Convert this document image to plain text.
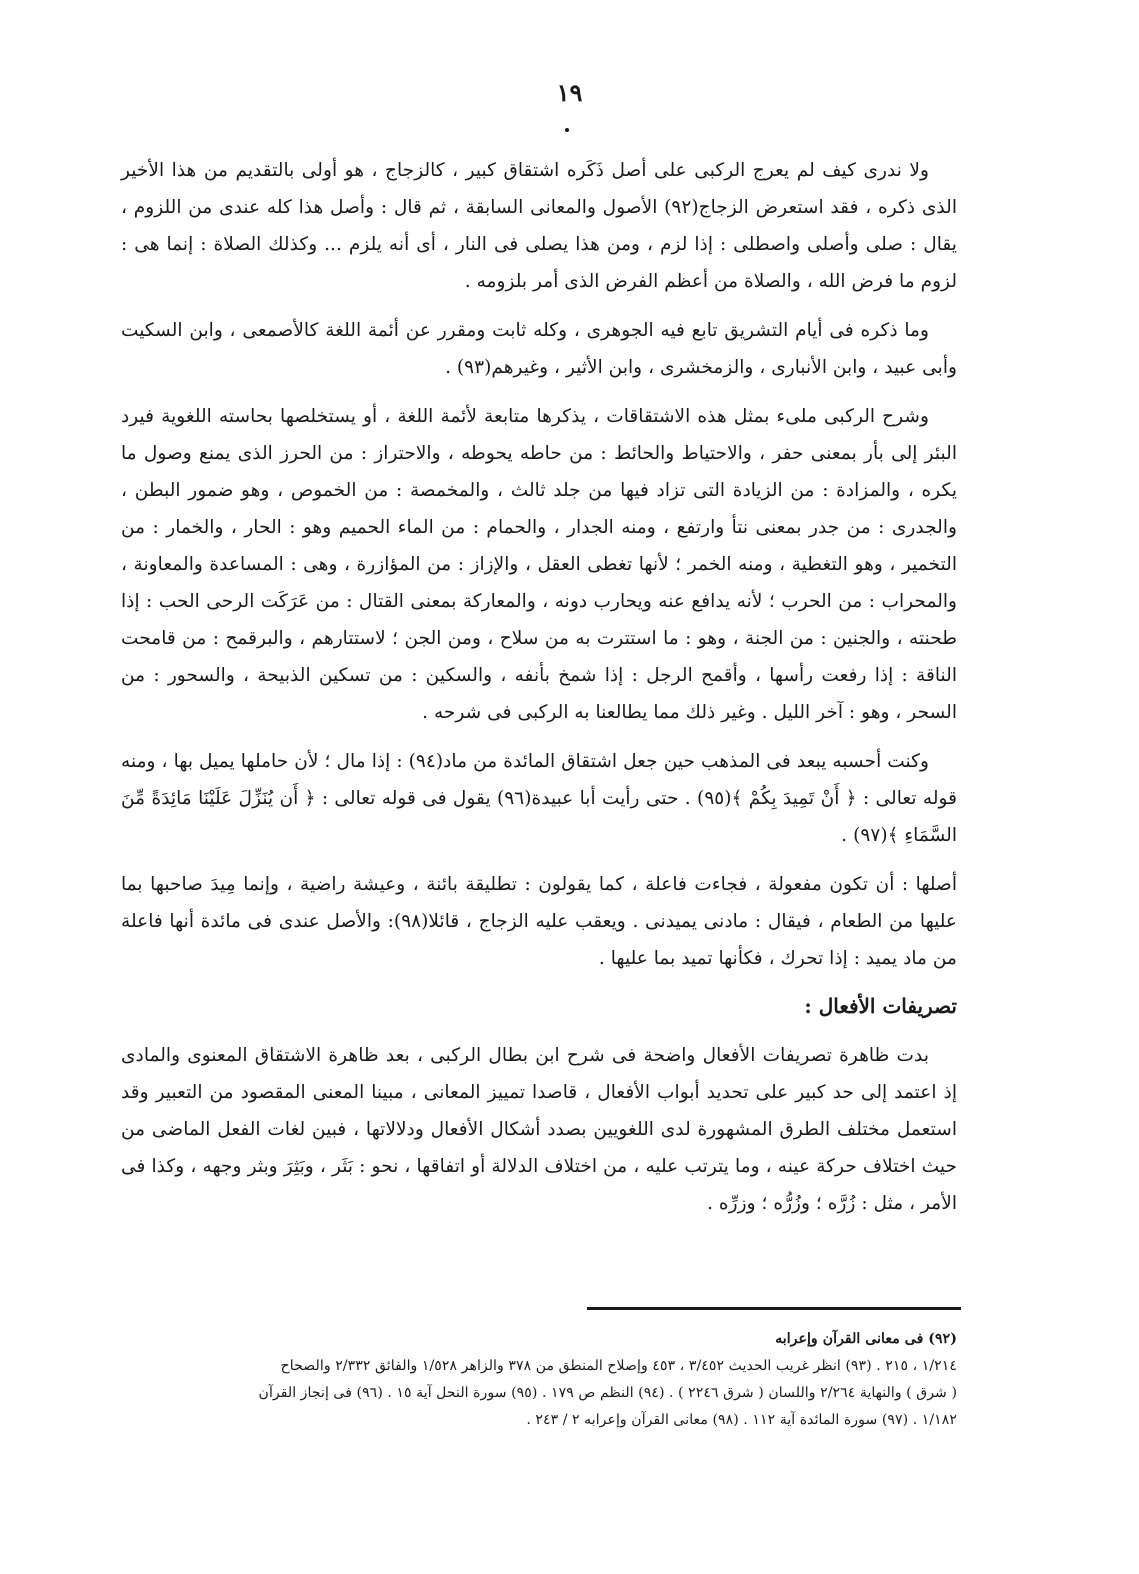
١٩

ولا ندرى كيف لم يعرج الركبى على أصل ذَكَره اشتقاق كبير ، كالزجاج ، هو أولى بالتقديم من هذا الأخير الذى ذكره ، فقد استعرض الزجاج(٩٢) الأصول والمعانى السابقة ، ثم قال : وأصل هذا كله عندى من اللزوم ، يقال : صلى وأصلى واصطلى : إذا لزم ، ومن هذا يصلى فى النار ، أى أنه يلزم ... وكذلك الصلاة : إنما هى : لزوم ما فرض الله ، والصلاة من أعظم الفرض الذى أمر بلزومه .

وما ذكره فى أيام التشريق تابع فيه الجوهرى ، وكله ثابت ومقرر عن أئمة اللغة كالأصمعى ، وابن السكيت وأبى عبيد ، وابن الأنبارى ، والزمخشرى ، وابن الأثير ، وغيرهم(٩٣) .

وشرح الركبى ملىء بمثل هذه الاشتقاقات ، يذكرها متابعة لأئمة اللغة ، أو يستخلصها بحاسته اللغوية فيرد البئر إلى بأر بمعنى حفر ، والاحتياط والحائط : من حاطه يحوطه ، والاحتراز : من الحرز الذى يمنع وصول ما يكره ، والمزادة : من الزيادة التى تزاد فيها من جلد ثالث ، والمخمصة : من الخموص ، وهو ضمور البطن ، والجدرى : من جدر بمعنى نتأ وارتفع ، ومنه الجدار ، والحمام : من الماء الحميم وهو : الحار ، والخمار : من التخمير ، وهو التغطية ، ومنه الخمر ؛ لأنها تغطى العقل ، والإزاز : من المؤازرة ، وهى : المساعدة والمعاونة ، والمحراب : من الحرب ؛ لأنه يدافع عنه ويحارب دونه ، والمعاركة بمعنى القتال : من عَرَكَت الرحى الحب : إذا طحنته ، والجنين : من الجنة ، وهو : ما استترت به من سلاح ، ومن الجن ؛ لاستتارهم ، والبرقمح : من قامحت الناقة : إذا رفعت رأسها ، وأقمح الرجل : إذا شمخ بأنفه ، والسكين : من تسكين الذبيحة ، والسحور : من السحر ، وهو : آخر الليل . وغير ذلك مما يطالعنا به الركبى فى شرحه .

وكنت أحسبه يبعد فى المذهب حين جعل اشتقاق المائدة من ماد(٩٤) : إذا مال ؛ لأن حاملها يميل بها ، ومنه قوله تعالى : ﴿ أَنْ تَمِيدَ بِكُمْ ﴾(٩٥) . حتى رأيت أبا عبيدة(٩٦) يقول فى قوله تعالى : ﴿ أَن يُنَزِّلَ عَلَيْنَا مَائِدَةً مِّنَ السَّمَاءِ ﴾(٩٧) .

أصلها : أن تكون مفعولة ، فجاءت فاعلة ، كما يقولون : تطليقة بائنة ، وعيشة راضية ، وإنما مِيدَ صاحبها بما عليها من الطعام ، فيقال : مادنى يميدنى . ويعقب عليه الزجاج ، قائلا(٩٨): والأصل عندى فى مائدة أنها فاعلة من ماد يميد : إذا تحرك ، فكأنها تميد بما عليها .

تصريفات الأفعال :

بدت ظاهرة تصريفات الأفعال واضحة فى شرح ابن بطال الركبى ، بعد ظاهرة الاشتقاق المعنوى والمادى إذ اعتمد إلى حد كبير على تحديد أبواب الأفعال ، قاصدا تمييز المعانى ، مبينا المعنى المقصود من التعبير وقد استعمل مختلف الطرق المشهورة لدى اللغويين بصدد أشكال الأفعال ودلالاتها ، فبين لغات الفعل الماضى من حيث اختلاف حركة عينه ، وما يترتب عليه ، من اختلاف الدلالة أو اتفاقها ، نحو : بَثَر ، وبَثِرَ وبثر وجهه ، وكذا فى الأمر ، مثل : زُرَّه ؛ وزُرُّه ؛ وزرِّه .

(٩٢) فى معانى القرآن وإعرابه

١/٢١٤ ، ٢١٥ . (٩٣) انظر غريب الحديث ٣/٤٥٢ ، ٤٥٣ وإصلاح المنطق من ٣٧٨ والزاهر ١/٥٢٨ والفائق ٢/٣٣٢ والصحاح

( شرق ) والنهاية ٢/٢٦٤ واللسان ( شرق ٢٢٤٦ ) . (٩٤) النظم ص ١٧٩ . (٩٥) سورة النحل آية ١٥ . (٩٦) فى إنجاز القرآن

١/١٨٢ . (٩٧) سورة المائدة آية ١١٢ . (٩٨) معانى القرآن وإعرابه ٢ / ٢٤٣ .
